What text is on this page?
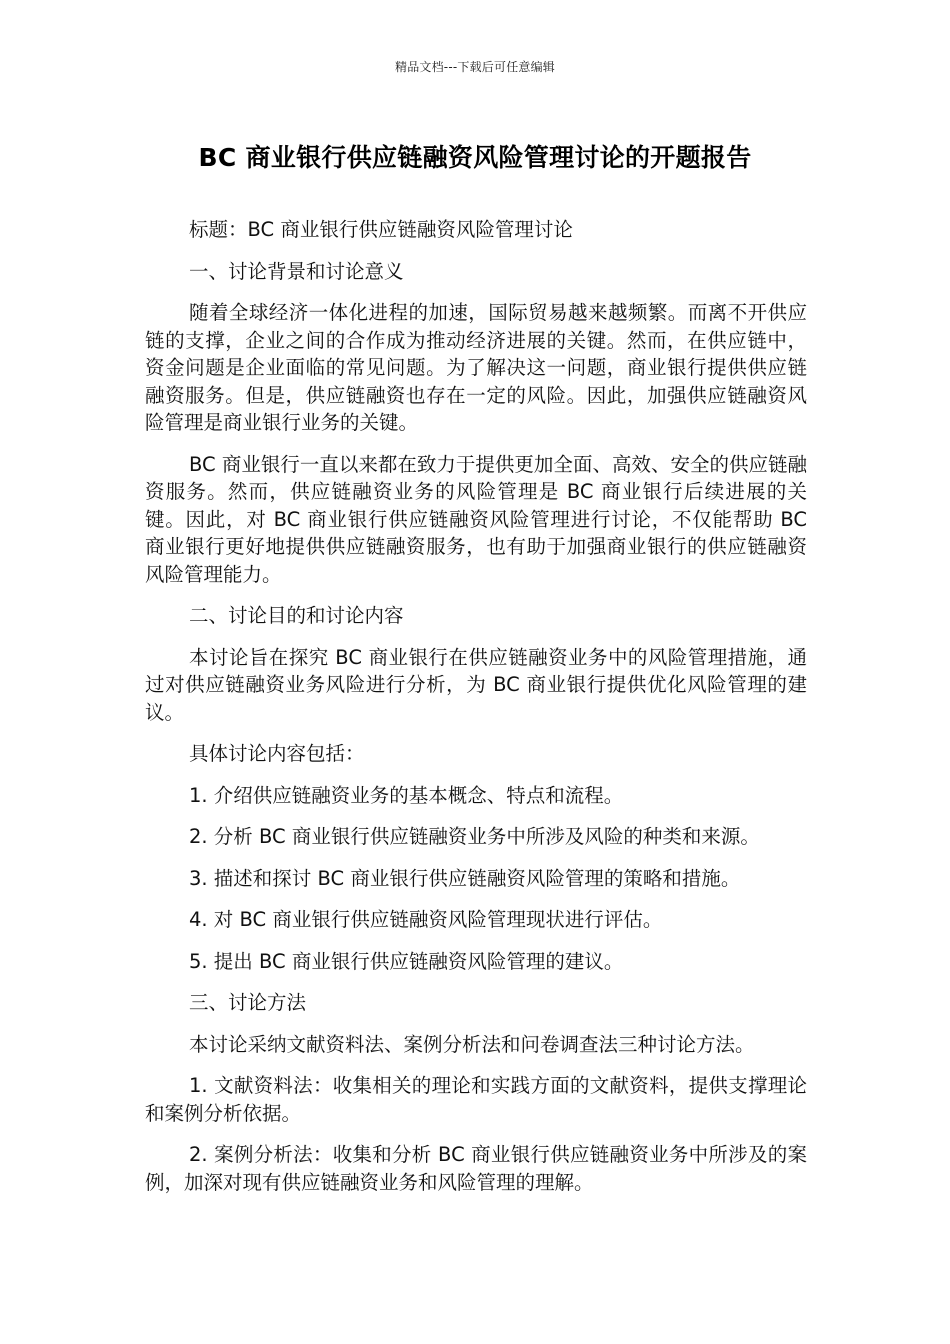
精品文档---下载后可任意编辑
BC 商业银行供应链融资风险管理讨论的开题报告

标题：BC 商业银行供应链融资风险管理讨论

一、讨论背景和讨论意义

随着全球经济一体化进程的加速，国际贸易越来越频繁。而离不开供应链的支撑，企业之间的合作成为推动经济进展的关键。然而，在供应链中，资金问题是企业面临的常见问题。为了解决这一问题，商业银行提供供应链融资服务。但是，供应链融资也存在一定的风险。因此，加强供应链融资风险管理是商业银行业务的关键。

BC 商业银行一直以来都在致力于提供更加全面、高效、安全的供应链融资服务。然而，供应链融资业务的风险管理是 BC 商业银行后续进展的关键。因此，对 BC 商业银行供应链融资风险管理进行讨论，不仅能帮助 BC 商业银行更好地提供供应链融资服务，也有助于加强商业银行的供应链融资风险管理能力。

二、讨论目的和讨论内容

本讨论旨在探究 BC 商业银行在供应链融资业务中的风险管理措施，通过对供应链融资业务风险进行分析，为 BC 商业银行提供优化风险管理的建议。

具体讨论内容包括：

1. 介绍供应链融资业务的基本概念、特点和流程。

2. 分析 BC 商业银行供应链融资业务中所涉及风险的种类和来源。

3. 描述和探讨 BC 商业银行供应链融资风险管理的策略和措施。

4. 对 BC 商业银行供应链融资风险管理现状进行评估。

5. 提出 BC 商业银行供应链融资风险管理的建议。

三、讨论方法

本讨论采纳文献资料法、案例分析法和问卷调查法三种讨论方法。

1. 文献资料法：收集相关的理论和实践方面的文献资料，提供支撑理论和案例分析依据。

2. 案例分析法：收集和分析 BC 商业银行供应链融资业务中所涉及的案例，加深对现有供应链融资业务和风险管理的理解。
